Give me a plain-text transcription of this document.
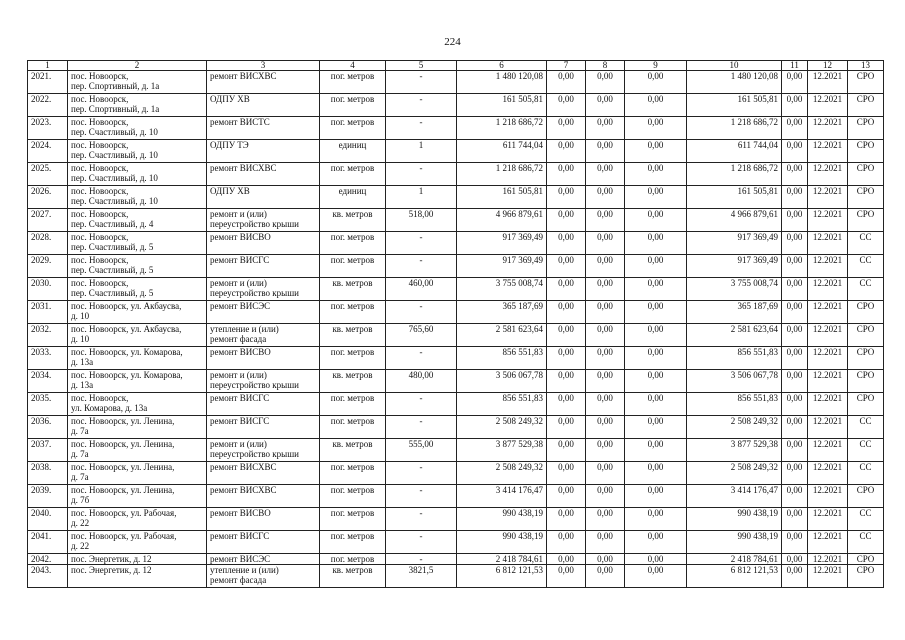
224
1	2	3	4	5	6	7	8	9	10	11	12	13

2021.	пос. Новоорск,
пер. Спортивный, д. 1а	ремонт ВИСХВС	пог. метров	-	1 480 120,08	0,00	0,00	0,00	1 480 120,08	0,00	12.2021	СРО

2022.	пос. Новоорск,
пер. Спортивный, д. 1а	ОДПУ ХВ	пог. метров	-	161 505,81	0,00	0,00	0,00	161 505,81	0,00	12.2021	СРО

2023.	пос. Новоорск,
пер. Счастливый, д. 10	ремонт ВИСТС	пог. метров	-	1 218 686,72	0,00	0,00	0,00	1 218 686,72	0,00	12.2021	СРО

2024.	пос. Новоорск,
пер. Счастливый, д. 10	ОДПУ ТЭ	единиц	1	611 744,04	0,00	0,00	0,00	611 744,04	0,00	12.2021	СРО

2025.	пос. Новоорск,
пер. Счастливый, д. 10	ремонт ВИСХВС	пог. метров	-	1 218 686,72	0,00	0,00	0,00	1 218 686,72	0,00	12.2021	СРО

2026.	пос. Новоорск,
пер. Счастливый, д. 10	ОДПУ ХВ	единиц	1	161 505,81	0,00	0,00	0,00	161 505,81	0,00	12.2021	СРО

2027.	пос. Новоорск,
пер. Счастливый, д. 4	ремонт и (или)
переустройство крыши	кв. метров	518,00	4 966 879,61	0,00	0,00	0,00	4 966 879,61	0,00	12.2021	СРО

2028.	пос. Новоорск,
пер. Счастливый, д. 5	ремонт ВИСВО	пог. метров	-	917 369,49	0,00	0,00	0,00	917 369,49	0,00	12.2021	СС

2029.	пос. Новоорск,
пер. Счастливый, д. 5	ремонт ВИСГС	пог. метров	-	917 369,49	0,00	0,00	0,00	917 369,49	0,00	12.2021	СС

2030.	пос. Новоорск,
пер. Счастливый, д. 5	ремонт и (или)
переустройство крыши	кв. метров	460,00	3 755 008,74	0,00	0,00	0,00	3 755 008,74	0,00	12.2021	СС

2031.	пос. Новоорск, ул. Акбаусва,
д. 10	ремонт ВИСЭС	пог. метров	-	365 187,69	0,00	0,00	0,00	365 187,69	0,00	12.2021	СРО

2032.	пос. Новоорск, ул. Акбаусва,
д. 10	утепление и (или)
ремонт фасада	кв. метров	765,60	2 581 623,64	0,00	0,00	0,00	2 581 623,64	0,00	12.2021	СРО

2033.	пос. Новоорск, ул. Комарова,
д. 13а	ремонт ВИСВО	пог. метров	-	856 551,83	0,00	0,00	0,00	856 551,83	0,00	12.2021	СРО

2034.	пос. Новоорск, ул. Комарова,
д. 13а	ремонт и (или)
переустройство крыши	кв. метров	480,00	3 506 067,78	0,00	0,00	0,00	3 506 067,78	0,00	12.2021	СРО

2035.	пос. Новоорск,
ул. Комарова, д. 13а	ремонт ВИСГС	пог. метров	-	856 551,83	0,00	0,00	0,00	856 551,83	0,00	12.2021	СРО

2036.	пос. Новоорск, ул. Ленина,
д. 7а	ремонт ВИСГС	пог. метров	-	2 508 249,32	0,00	0,00	0,00	2 508 249,32	0,00	12.2021	СС

2037.	пос. Новоорск, ул. Ленина,
д. 7а	ремонт и (или)
переустройство крыши	кв. метров	555,00	3 877 529,38	0,00	0,00	0,00	3 877 529,38	0,00	12.2021	СС

2038.	пос. Новоорск, ул. Ленина,
д. 7а	ремонт ВИСХВС	пог. метров	-	2 508 249,32	0,00	0,00	0,00	2 508 249,32	0,00	12.2021	СС

2039.	пос. Новоорск, ул. Ленина,
д. 7б	ремонт ВИСХВС	пог. метров	-	3 414 176,47	0,00	0,00	0,00	3 414 176,47	0,00	12.2021	СРО

2040.	пос. Новоорск, ул. Рабочая,
д. 22	ремонт ВИСВО	пог. метров	-	990 438,19	0,00	0,00	0,00	990 438,19	0,00	12.2021	СС

2041.	пос. Новоорск, ул. Рабочая,
д. 22	ремонт ВИСГС	пог. метров	-	990 438,19	0,00	0,00	0,00	990 438,19	0,00	12.2021	СС

2042.	пос. Энергетик, д. 12	ремонт ВИСЭС	пог. метров	-	2 418 784,61	0,00	0,00	0,00	2 418 784,61	0,00	12.2021	СРО

2043.	пос. Энергетик, д. 12	утепление и (или)
ремонт фасада	кв. метров	3821,5	6 812 121,53	0,00	0,00	0,00	6 812 121,53	0,00	12.2021	СРО
